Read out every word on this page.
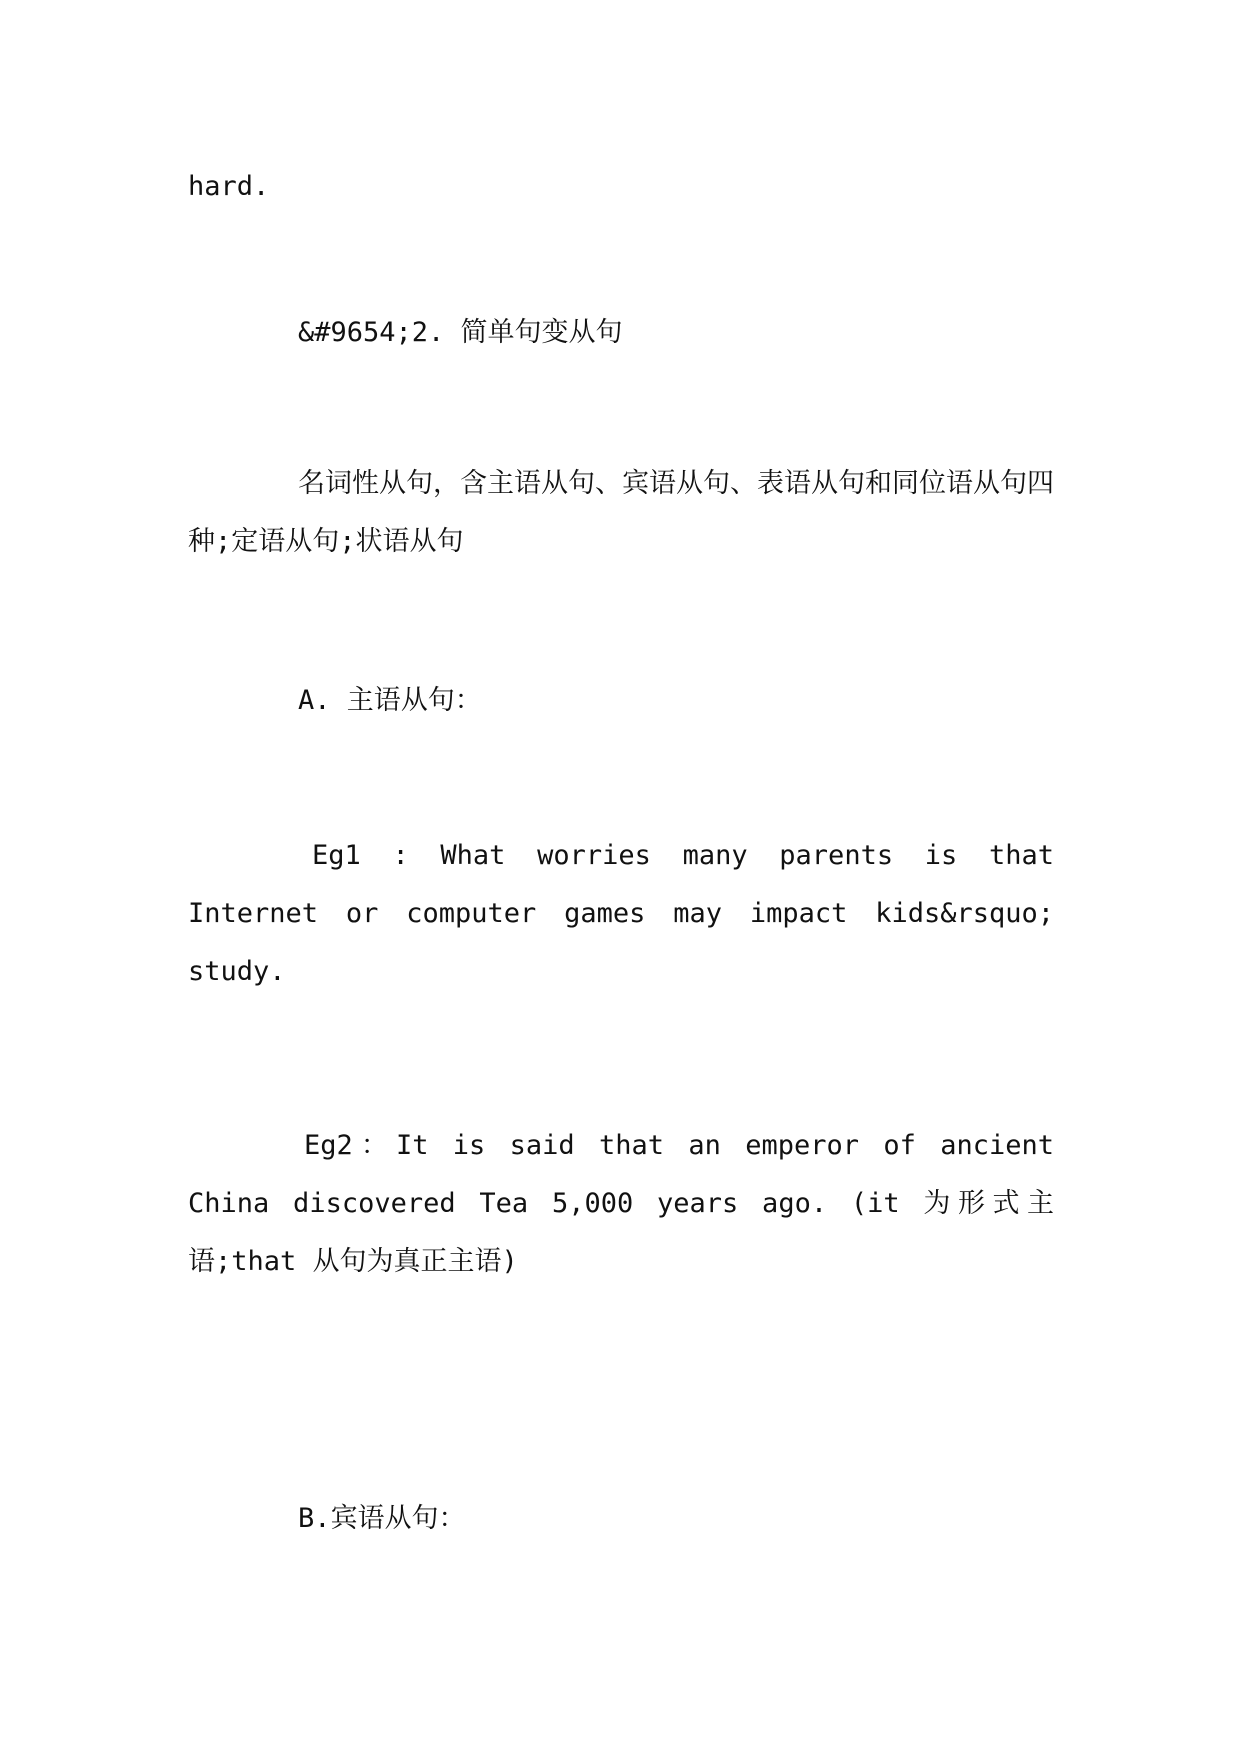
hard.

&#9654;2. 简单句变从句

名词性从句，含主语从句、宾语从句、表语从句和同位语从句四种;定语从句;状语从句

A. 主语从句：

Eg1 : What worries many parents is that Internet or computer games may impact kids&rsquo; study.

Eg2：It is said that an emperor of ancient China discovered Tea 5,000 years ago. (it 为形式主语;that 从句为真正主语)

B.宾语从句：
